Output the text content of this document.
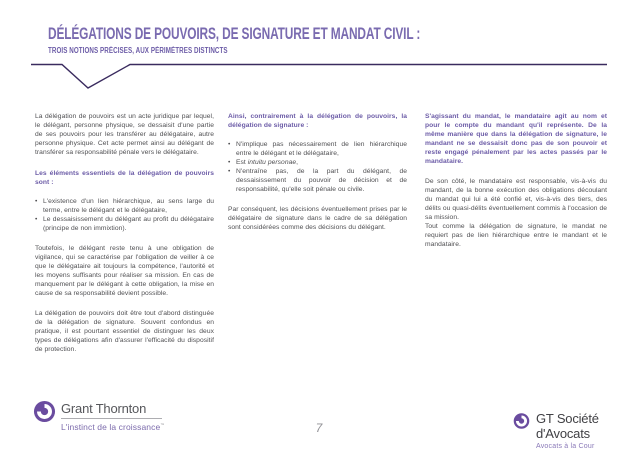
DÉLÉGATIONS DE POUVOIRS, DE SIGNATURE ET MANDAT CIVIL :
TROIS NOTIONS PRÉCISES, AUX PÉRIMÈTRES DISTINCTS

La délégation de pouvoirs est un acte juridique par lequel, le délégant, personne physique, se dessaisit d'une partie de ses pouvoirs pour les transférer au délégataire, autre personne physique. Cet acte permet ainsi au délégant de transférer sa responsabilité pénale vers le délégataire.

Les éléments essentiels de la délégation de pouvoirs sont :

• L'existence d'un lien hiérarchique, au sens large du terme, entre le délégant et le délégataire,
• Le dessaisissement du délégant au profit du délégataire (principe de non immixtion).

Toutefois, le délégant reste tenu à une obligation de vigilance, qui se caractérise par l'obligation de veiller à ce que le délégataire ait toujours la compétence, l'autorité et les moyens suffisants pour réaliser sa mission. En cas de manquement par le délégant à cette obligation, la mise en cause de sa responsabilité devient possible.

La délégation de pouvoirs doit être tout d'abord distinguée de la délégation de signature. Souvent confondus en pratique, il est pourtant essentiel de distinguer les deux types de délégations afin d'assurer l'efficacité du dispositif de protection.

Ainsi, contrairement à la délégation de pouvoirs, la délégation de signature :

• N'implique pas nécessairement de lien hiérarchique entre le délégant et le délégataire,
• Est intuitu personae,
• N'entraîne pas, de la part du délégant, de dessaisissement du pouvoir de décision et de responsabilité, qu'elle soit pénale ou civile.

Par conséquent, les décisions éventuellement prises par le délégataire de signature dans le cadre de sa délégation sont considérées comme des décisions du délégant.

S'agissant du mandat, le mandataire agit au nom et pour le compte du mandant qu'il représente. De la même manière que dans la délégation de signature, le mandant ne se dessaisit donc pas de son pouvoir et reste engagé pénalement par les actes passés par le mandataire.

De son côté, le mandataire est responsable, vis-à-vis du mandant, de la bonne exécution des obligations découlant du mandat qui lui a été confié et, vis-à-vis des tiers, des délits ou quasi-délits éventuellement commis à l'occasion de sa mission.

Tout comme la délégation de signature, le mandat ne requiert pas de lien hiérarchique entre le mandant et le mandataire.

Grant Thornton
L'instinct de la croissance™	GT Société d'Avocats
Avocats à la Cour
7
